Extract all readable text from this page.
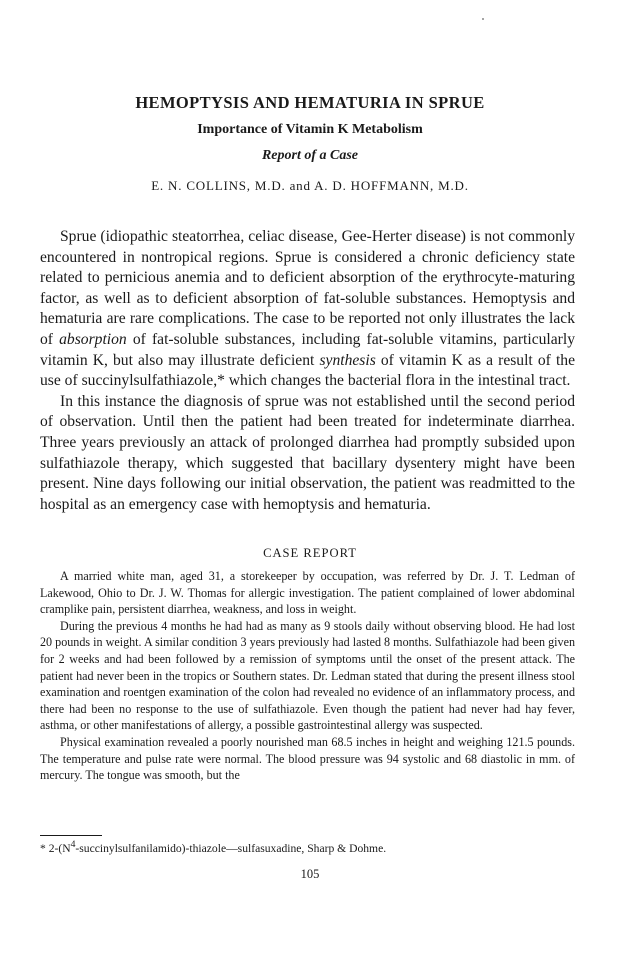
HEMOPTYSIS AND HEMATURIA IN SPRUE
Importance of Vitamin K Metabolism
Report of a Case
E. N. COLLINS, M.D. and A. D. HOFFMANN, M.D.

Sprue (idiopathic steatorrhea, celiac disease, Gee-Herter disease) is not commonly encountered in nontropical regions. Sprue is considered a chronic deficiency state related to pernicious anemia and to deficient absorption of the erythrocyte-maturing factor, as well as to deficient absorption of fat-soluble substances. Hemoptysis and hematuria are rare complications. The case to be reported not only illustrates the lack of absorption of fat-soluble substances, including fat-soluble vitamins, particularly vitamin K, but also may illustrate deficient synthesis of vitamin K as a result of the use of succinylsulfathiazole,* which changes the bacterial flora in the intestinal tract.

In this instance the diagnosis of sprue was not established until the second period of observation. Until then the patient had been treated for indeterminate diarrhea. Three years previously an attack of prolonged diarrhea had promptly subsided upon sulfathiazole therapy, which suggested that bacillary dysentery might have been present. Nine days following our initial observation, the patient was readmitted to the hospital as an emergency case with hemoptysis and hematuria.

CASE REPORT

A married white man, aged 31, a storekeeper by occupation, was referred by Dr. J. T. Ledman of Lakewood, Ohio to Dr. J. W. Thomas for allergic investigation. The patient complained of lower abdominal cramplike pain, persistent diarrhea, weakness, and loss in weight.

During the previous 4 months he had had as many as 9 stools daily without observing blood. He had lost 20 pounds in weight. A similar condition 3 years previously had lasted 8 months. Sulfathiazole had been given for 2 weeks and had been followed by a remission of symptoms until the onset of the present attack. The patient had never been in the tropics or Southern states. Dr. Ledman stated that during the present illness stool examination and roentgen examination of the colon had revealed no evidence of an inflammatory process, and there had been no response to the use of sulfathiazole. Even though the patient had never had hay fever, asthma, or other manifestations of allergy, a possible gastrointestinal allergy was suspected.

Physical examination revealed a poorly nourished man 68.5 inches in height and weighing 121.5 pounds. The temperature and pulse rate were normal. The blood pressure was 94 systolic and 68 diastolic in mm. of mercury. The tongue was smooth, but the

* $2-(N^4-succinylsulfanilamido)-thiazole—sulfasuxadine$, Sharp & Dohme.
105
